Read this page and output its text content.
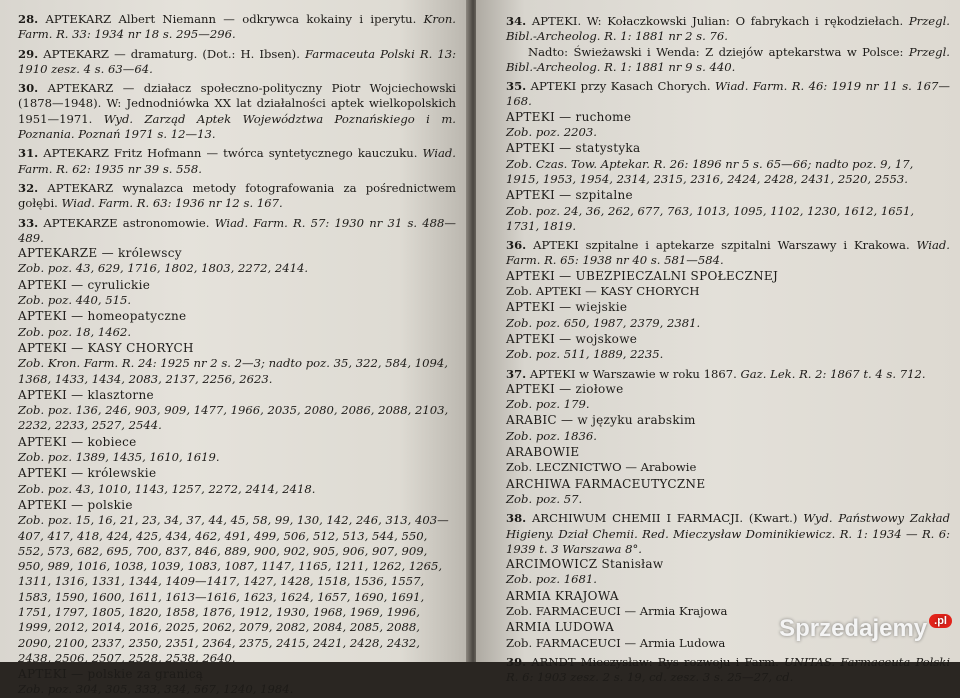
28. APTEKARZ Albert Niemann — odkrywca kokainy i iperytu. Kron. Farm. R. 33: 1934 nr 18 s. 295—296.

29. APTEKARZ — dramaturg. (Dot.: H. Ibsen). Farmaceuta Polski R. 13: 1910 zesz. 4 s. 63—64.

30. APTEKARZ — działacz społeczno-polityczny Piotr Wojciechowski (1878—1948). W: Jednodniówka XX lat działalności aptek wielkopolskich 1951—1971. Wyd. Zarząd Aptek Województwa Poznańskiego i m. Poznania. Poznań 1971 s. 12—13.

31. APTEKARZ Fritz Hofmann — twórca syntetycznego kauczuku. Wiad. Farm. R. 62: 1935 nr 39 s. 558.

32. APTEKARZ wynalazca metody fotografowania za pośrednictwem gołębi. Wiad. Farm. R. 63: 1936 nr 12 s. 167.

33. APTEKARZE astronomowie. Wiad. Farm. R. 57: 1930 nr 31 s. 488—489.

APTEKARZE — królewscy

Zob. poz. 43, 629, 1716, 1802, 1803, 2272, 2414.

APTEKI — cyrulickie

Zob. poz. 440, 515.

APTEKI — homeopatyczne

Zob. poz. 18, 1462.

APTEKI — KASY CHORYCH

Zob. Kron. Farm. R. 24: 1925 nr 2 s. 2—3; nadto poz. 35, 322, 584, 1094, 1368, 1433, 1434, 2083, 2137, 2256, 2623.

APTEKI — klasztorne

Zob. poz. 136, 246, 903, 909, 1477, 1966, 2035, 2080, 2086, 2088, 2103, 2232, 2233, 2527, 2544.

APTEKI — kobiece

Zob. poz. 1389, 1435, 1610, 1619.

APTEKI — królewskie

Zob. poz. 43, 1010, 1143, 1257, 2272, 2414, 2418.

APTEKI — polskie

Zob. poz. 15, 16, 21, 23, 34, 37, 44, 45, 58, 99, 130, 142, 246, 313, 403—407, 417, 418, 424, 425, 434, 462, 491, 499, 506, 512, 513, 544, 550, 552, 573, 682, 695, 700, 837, 846, 889, 900, 902, 905, 906, 907, 909, 950, 989, 1016, 1038, 1039, 1083, 1087, 1147, 1165, 1211, 1262, 1265, 1311, 1316, 1331, 1344, 1409—1417, 1427, 1428, 1518, 1536, 1557, 1583, 1590, 1600, 1611, 1613—1616, 1623, 1624, 1657, 1690, 1691, 1751, 1797, 1805, 1820, 1858, 1876, 1912, 1930, 1968, 1969, 1996, 1999, 2012, 2014, 2016, 2025, 2062, 2079, 2082, 2084, 2085, 2088, 2090, 2100, 2337, 2350, 2351, 2364, 2375, 2415, 2421, 2428, 2432, 2438, 2506, 2507, 2528, 2538, 2640.

APTEKI — polskie za granicą

Zob. poz. 304, 305, 333, 334, 567, 1240, 1984.

34. APTEKI. W: Kołaczkowski Julian: O fabrykach i rękodziełach. Przegl. Bibl.-Archeolog. R. 1: 1881 nr 2 s. 76.

Nadto: Świeżawski i Wenda: Z dziejów aptekarstwa w Polsce: Przegl. Bibl.-Archeolog. R. 1: 1881 nr 9 s. 440.

35. APTEKI przy Kasach Chorych. Wiad. Farm. R. 46: 1919 nr 11 s. 167—168.

APTEKI — ruchome

Zob. poz. 2203.

APTEKI — statystyka

Zob. Czas. Tow. Aptekar. R. 26: 1896 nr 5 s. 65—66; nadto poz. 9, 17, 1915, 1953, 1954, 2314, 2315, 2316, 2424, 2428, 2431, 2520, 2553.

APTEKI — szpitalne

Zob. poz. 24, 36, 262, 677, 763, 1013, 1095, 1102, 1230, 1612, 1651, 1731, 1819.

36. APTEKI szpitalne i aptekarze szpitalni Warszawy i Krakowa. Wiad. Farm. R. 65: 1938 nr 40 s. 581—584.

APTEKI — UBEZPIECZALNI SPOŁECZNEJ

Zob. APTEKI — KASY CHORYCH

APTEKI — wiejskie

Zob. poz. 650, 1987, 2379, 2381.

APTEKI — wojskowe

Zob. poz. 511, 1889, 2235.

37. APTEKI w Warszawie w roku 1867. Gaz. Lek. R. 2: 1867 t. 4 s. 712.

APTEKI — ziołowe

Zob. poz. 179.

ARABIC — w języku arabskim

Zob. poz. 1836.

ARABOWIE

Zob. LECZNICTWO — Arabowie

ARCHIWA FARMACEUTYCZNE

Zob. poz. 57.

38. ARCHIWUM CHEMII I FARMACJI. (Kwart.) Wyd. Państwowy Zakład Higieny. Dział Chemii. Red. Mieczysław Dominikiewicz. R. 1: 1934 — R. 6: 1939 t. 3 Warszawa 8°.

ARCIMOWICZ Stanisław

Zob. poz. 1681.

ARMIA KRAJOWA

Zob. FARMACEUCI — Armia Krajowa

ARMIA LUDOWA

Zob. FARMACEUCI — Armia Ludowa

39. ARNDT Mieczysław: Rys rozwoju i Farm. UNITAS. Farmaceuta Polski R. 6: 1903 zesz. 2 s. 19, cd. zesz. 3 s. 25—27, cd.

Sprzedajemy .pl
